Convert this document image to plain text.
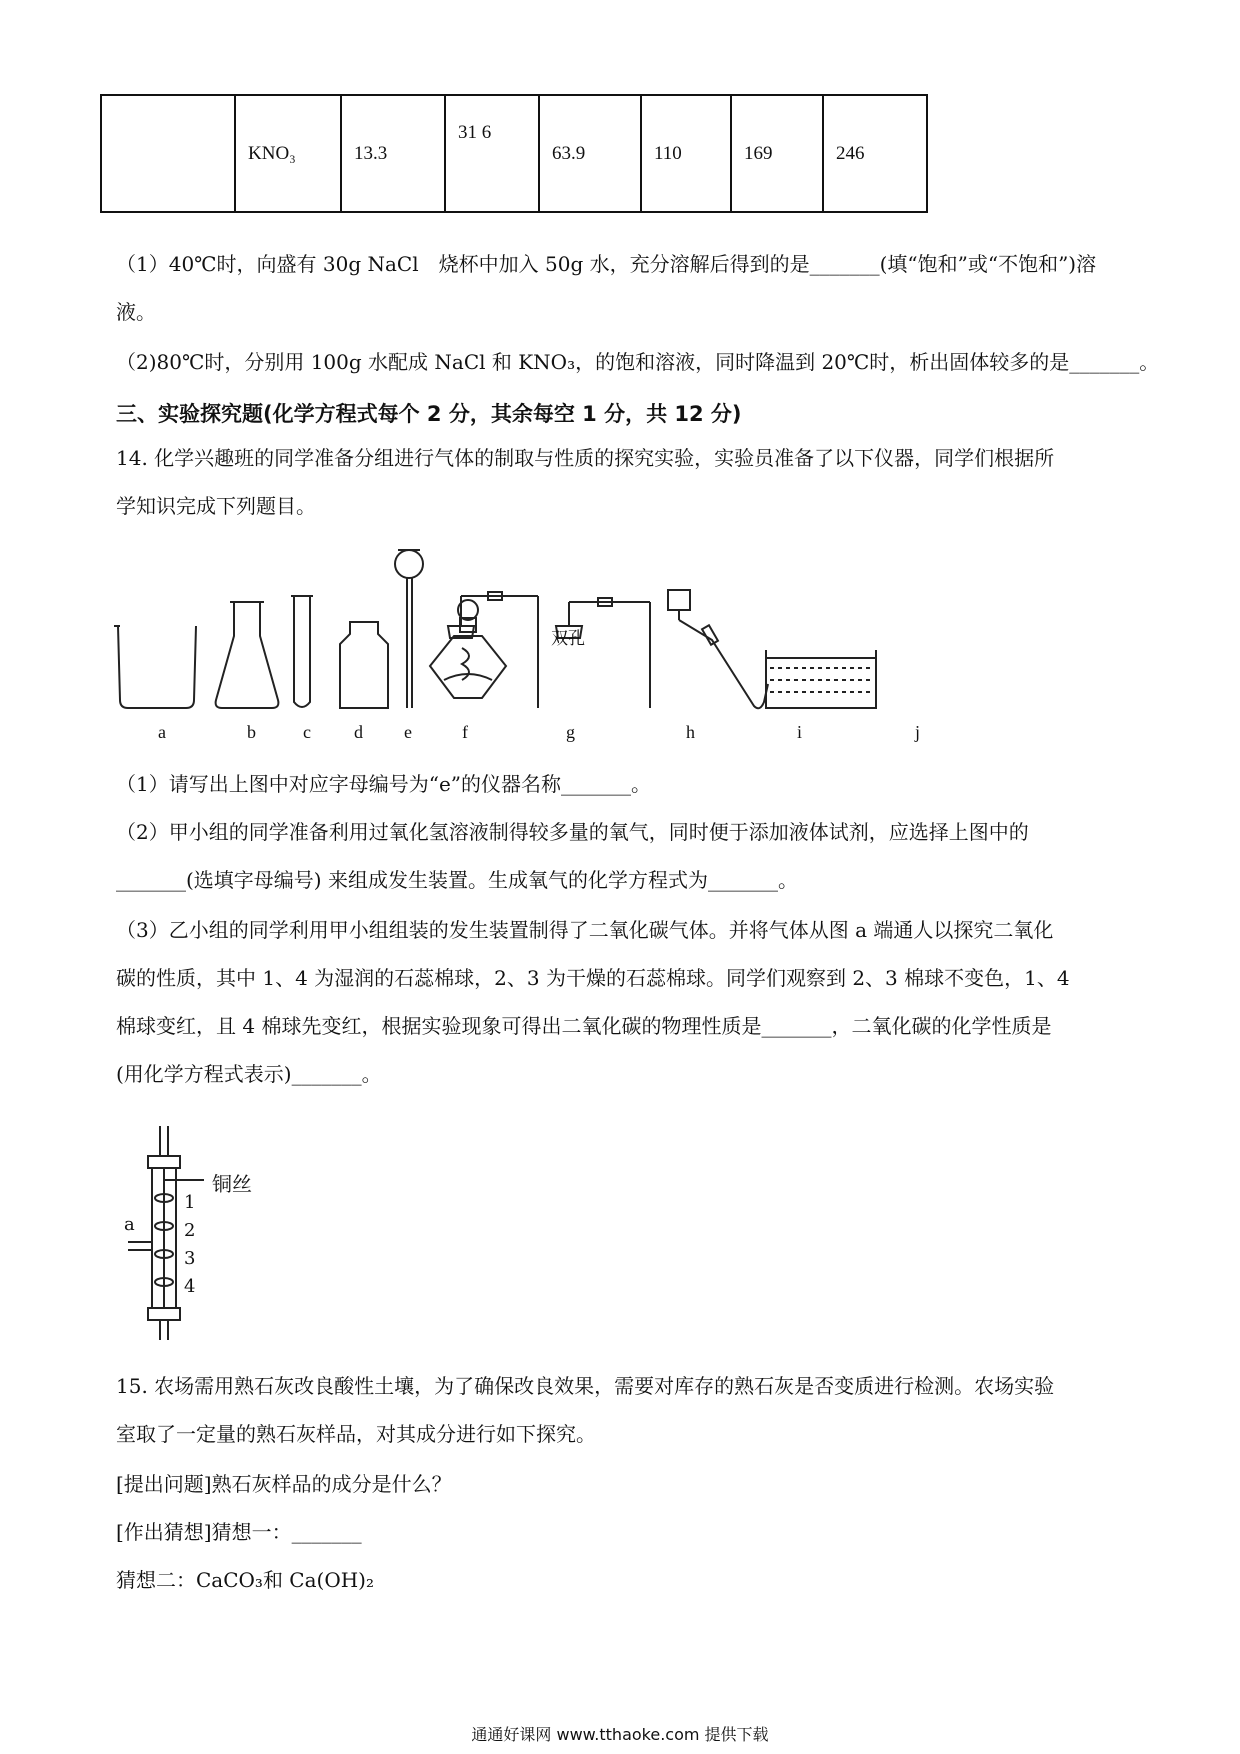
	KNO₃	13.3	31 6	63.9	110	169	246
（1）40℃时，向盛有 30g NaCl　烧杯中加入 50g 水，充分溶解后得到的是_______(填“饱和”或“不饱和”)溶
液。
（2)80℃时，分别用 100g 水配成 NaCl 和 KNO₃，的饱和溶液，同时降温到 20℃时，析出固体较多的是_______。
三、实验探究题(化学方程式每个 2 分，其余每空 1 分，共 12 分)
14. 化学兴趣班的同学准备分组进行气体的制取与性质的探究实验，实验员准备了以下仪器，同学们根据所
学知识完成下列题目。
双孔
a	b	c d e	f	g	h	i	j
（1）请写出上图中对应字母编号为“e”的仪器名称_______。
（2）甲小组的同学准备利用过氧化氢溶液制得较多量的氧气，同时便于添加液体试剂，应选择上图中的
_______(选填字母编号) 来组成发生装置。生成氧气的化学方程式为_______。
（3）乙小组的同学利用甲小组组装的发生装置制得了二氧化碳气体。并将气体从图 a 端通人以探究二氧化
碳的性质，其中 1、4 为湿润的石蕊棉球，2、3 为干燥的石蕊棉球。同学们观察到 2、3 棉球不变色，1、4
棉球变红，且 4 棉球先变红，根据实验现象可得出二氧化碳的物理性质是_______，二氧化碳的化学性质是
(用化学方程式表示)_______。
铜丝
a
1
2
3
4
15. 农场需用熟石灰改良酸性土壤，为了确保改良效果，需要对库存的熟石灰是否变质进行检测。农场实验
室取了一定量的熟石灰样品，对其成分进行如下探究。
[提出问题]熟石灰样品的成分是什么？
[作出猜想]猜想一：_______
猜想二：CaCO₃和 Ca(OH)₂
通通好课网 www.tthaoke.com 提供下载
